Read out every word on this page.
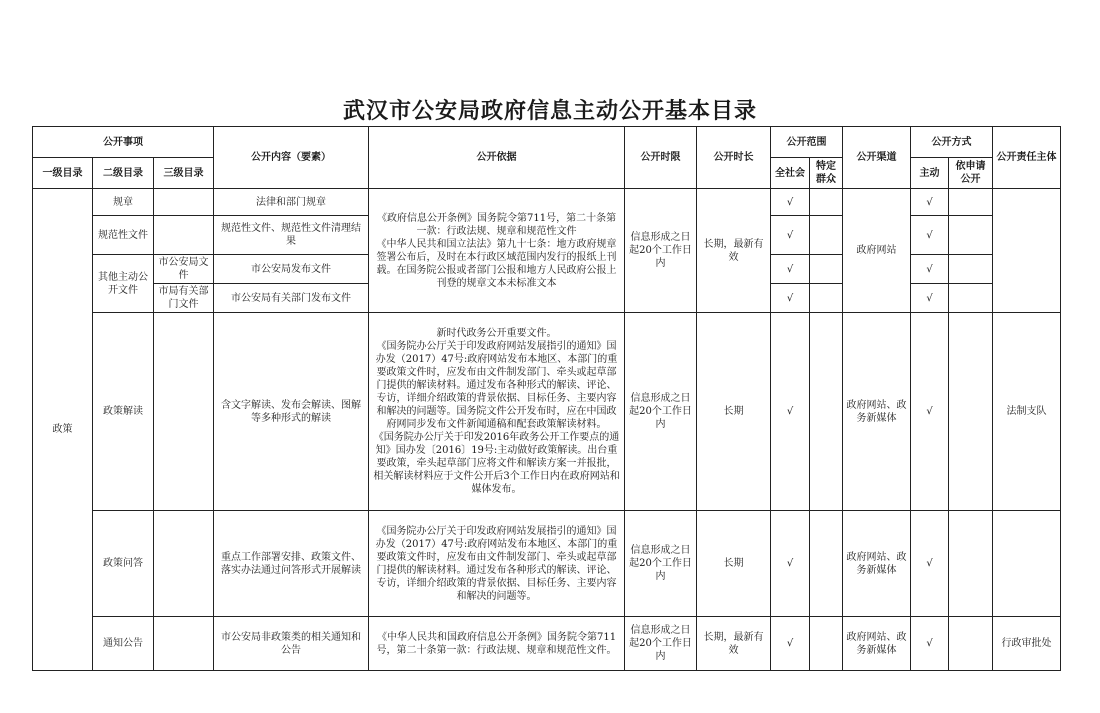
武汉市公安局政府信息主动公开基本目录
公开事项			公开内容（要素）	公开依据	公开时限	公开时长	公开范围		公开渠道	公开方式		公开责任主体
一级目录	二级目录	三级目录					全社会	特定群众		主动	依申请公开	
政策	规章		法律和部门规章	《政府信息公开条例》国务院令第711号，第二十条第一款：行政法规、规章和规范性文件
《中华人民共和国立法法》第九十七条：地方政府规章签署公布后，及时在本行政区域范围内发行的报纸上刊载。在国务院公报或者部门公报和地方人民政府公报上刊登的规章文本未标准文本	信息形成之日起20个工作日内	长期，最新有效	√		政府网站	√		
	规范性文件		规范性文件、规范性文件清理结果				√			√		
	其他主动公开文件	市公安局文件	市公安局发布文件				√			√		
		市局有关部门文件	市公安局有关部门发布文件				√			√		
	政策解读		含文字解读、发布会解读、图解等多种形式的解读	新时代政务公开重要文件。
《国务院办公厅关于印发政府网站发展指引的通知》国办发（2017）47号:政府网站发布本地区、本部门的重要政策文件时，应发布由文件制发部门、牵头或起草部门提供的解读材料。通过发布各种形式的解读、评论、专访，详细介绍政策的背景依据、目标任务、主要内容和解决的问题等。国务院文件公开发布时，应在中国政府网同步发布文件新闻通稿和配套政策解读材料。
《国务院办公厅关于印发2016年政务公开工作要点的通知》国办发〔2016〕19号:主动做好政策解读。出台重要政策，牵头起草部门应将文件和解读方案一并报批，相关解读材料应于文件公开后3个工作日内在政府网站和媒体发布。	信息形成之日起20个工作日内	长期	√		政府网站、政务新媒体	√		法制支队
	政策问答		重点工作部署安排、政策文件、落实办法通过问答形式开展解读	《国务院办公厅关于印发政府网站发展指引的通知》国办发（2017）47号:政府网站发布本地区、本部门的重要政策文件时，应发布由文件制发部门、牵头或起草部门提供的解读材料。通过发布各种形式的解读、评论、专访，详细介绍政策的背景依据、目标任务、主要内容和解决的问题等。	信息形成之日起20个工作日内	长期	√		政府网站、政务新媒体	√		
	通知公告		市公安局非政策类的相关通知和公告	《中华人民共和国政府信息公开条例》国务院令第711号，第二十条第一款：行政法规、规章和规范性文件。	信息形成之日起20个工作日内	长期，最新有效	√		政府网站、政务新媒体	√		行政审批处
